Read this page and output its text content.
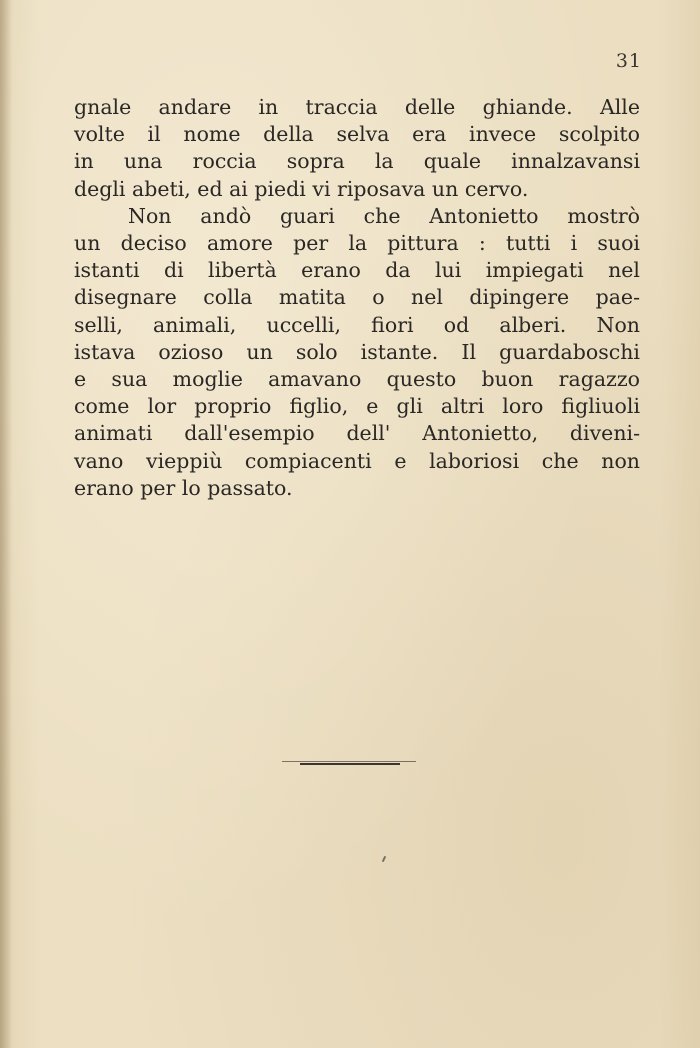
31
gnale andare in traccia delle ghiande. Alle
volte il nome della selva era invece scolpito
in una roccia sopra la quale innalzavansi
degli abeti, ed ai piedi vi riposava un cervo.
Non andò guari che Antonietto mostrò
un deciso amore per la pittura : tutti i suoi
istanti di libertà erano da lui impiegati nel
disegnare colla matita o nel dipingere pae-
selli, animali, uccelli, fiori od alberi. Non
istava ozioso un solo istante. Il guardaboschi
e sua moglie amavano questo buon ragazzo
come lor proprio figlio, e gli altri loro figliuoli
animati dall'esempio dell' Antonietto, diveni-
vano vieppiù compiacenti e laboriosi che non
erano per lo passato.
